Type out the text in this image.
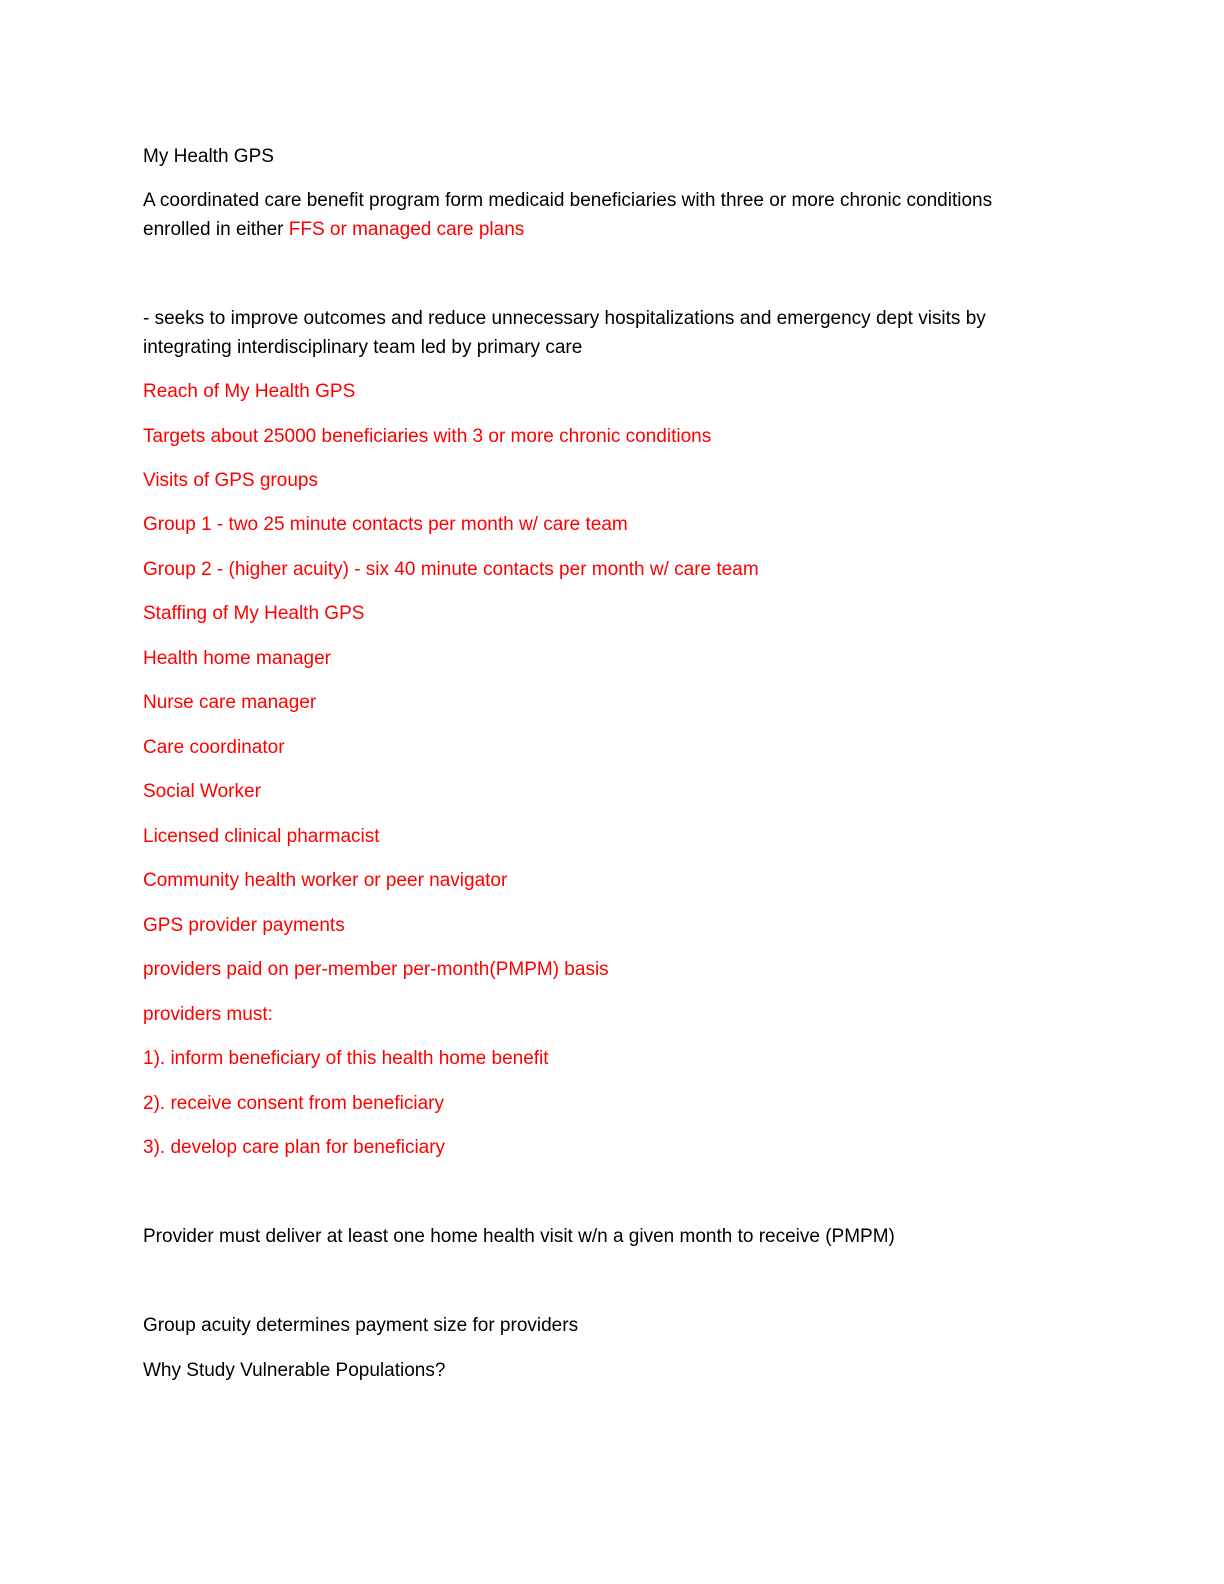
My Health GPS
A coordinated care benefit program form medicaid beneficiaries with three or more chronic conditions
enrolled in either FFS or managed care plans
- seeks to improve outcomes and reduce unnecessary hospitalizations and emergency dept visits by
integrating interdisciplinary team led by primary care
Reach of My Health GPS
Targets about 25000 beneficiaries with 3 or more chronic conditions
Visits of GPS groups
Group 1 - two 25 minute contacts per month w/ care team
Group 2 - (higher acuity) - six 40 minute contacts per month w/ care team
Staffing of My Health GPS
Health home manager
Nurse care manager
Care coordinator
Social Worker
Licensed clinical pharmacist
Community health worker or peer navigator
GPS provider payments
providers paid on per-member per-month(PMPM) basis
providers must:
1). inform beneficiary of this health home benefit
2). receive consent from beneficiary
3). develop care plan for beneficiary
Provider must deliver at least one home health visit w/n a given month to receive (PMPM)
Group acuity determines payment size for providers
Why Study Vulnerable Populations?
